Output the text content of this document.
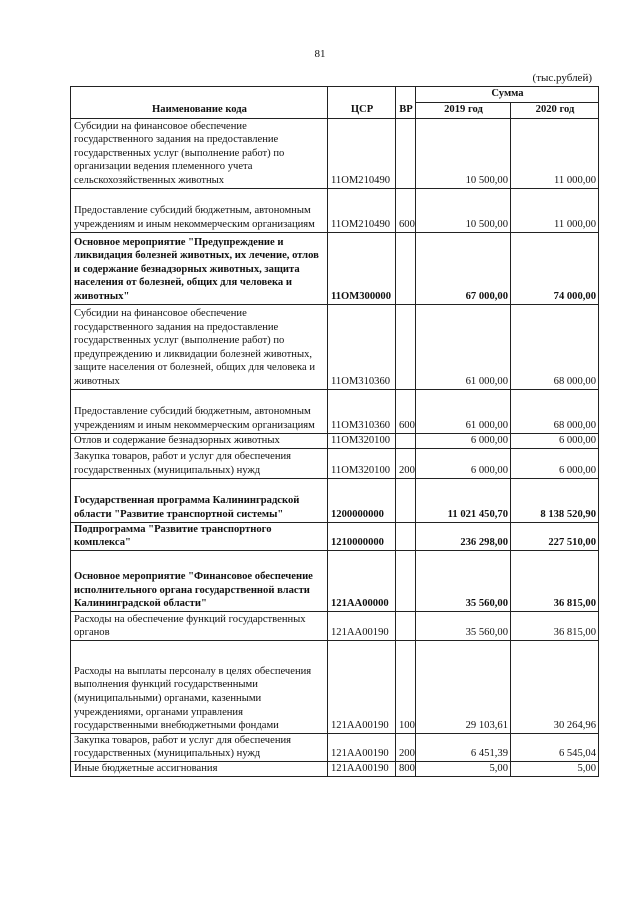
81
(тыс.рублей)
Наименование кода	ЦСР	ВР	Сумма	
			2019 год	2020 год
Субсидии на финансовое обеспечение государственного задания на предоставление государственных услуг (выполнение работ) по организации ведения племенного учета сельскохозяйственных животных	11ОМ210490		10 500,00	11 000,00
Предоставление субсидий бюджетным, автономным учреждениям и иным некоммерческим организациям	11ОМ210490	600	10 500,00	11 000,00
Основное мероприятие "Предупреждение и ликвидация болезней животных, их лечение, отлов и содержание безнадзорных животных, защита населения от болезней, общих для человека и животных"	11ОМ300000		67 000,00	74 000,00
Субсидии на финансовое обеспечение государственного задания на предоставление государственных услуг (выполнение работ) по предупреждению и ликвидации болезней животных, защите населения от болезней, общих для человека и животных	11ОМ310360		61 000,00	68 000,00
Предоставление субсидий бюджетным, автономным учреждениям и иным некоммерческим организациям	11ОМ310360	600	61 000,00	68 000,00
Отлов и содержание безнадзорных животных	11ОМ320100		6 000,00	6 000,00
Закупка товаров, работ и услуг для обеспечения государственных (муниципальных) нужд	11ОМ320100	200	6 000,00	6 000,00
Государственная программа Калининградской области "Развитие транспортной системы"	1200000000		11 021 450,70	8 138 520,90
Подпрограмма "Развитие транспортного комплекса"	1210000000		236 298,00	227 510,00
Основное мероприятие "Финансовое обеспечение исполнительного органа государственной власти Калининградской области"	121АА00000		35 560,00	36 815,00
Расходы на обеспечение функций государственных органов	121АА00190		35 560,00	36 815,00
Расходы на выплаты персоналу в целях обеспечения выполнения функций государственными (муниципальными) органами, казенными учреждениями, органами управления государственными внебюджетными фондами	121АА00190	100	29 103,61	30 264,96
Закупка товаров, работ и услуг для обеспечения государственных (муниципальных) нужд	121АА00190	200	6 451,39	6 545,04
Иные бюджетные ассигнования	121АА00190	800	5,00	5,00
